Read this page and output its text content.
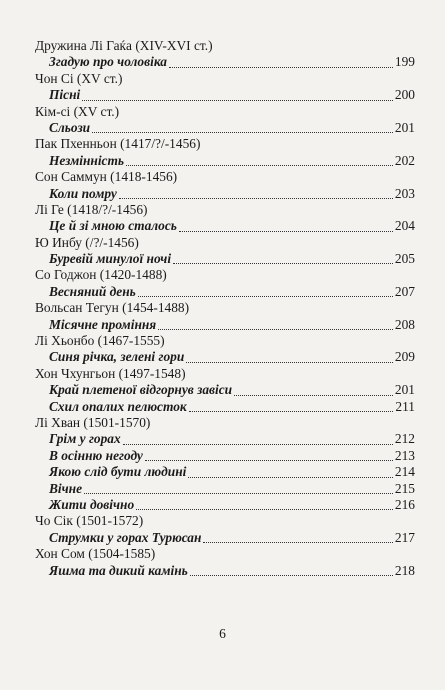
Дружина Лі Гаќа (XIV-XVI ст.)
Згадую про чоловіка	199
Чон Сі (XV ст.)
Пісні	200
Кім-сі (XV ст.)
Сльози	201
Пак Пхенньон (1417/?/-1456)
Незмінність	202
Сон Саммун (1418-1456)
Коли помру	203
Лі Ге (1418/?/-1456)
Це й зі мною сталось	204
Ю Инбу (/?/-1456)
Буревій минулої ночі	205
Со Годжон (1420-1488)
Весняний день	207
Вольсан Тегун (1454-1488)
Місячне проміння	208
Лі Хьонбо (1467-1555)
Синя річка, зелені гори	209
Хон Чхунгьон (1497-1548)
Край плетеної відгорнув завіси	201
Схил опалих пелюсток	211
Лі Хван (1501-1570)
Грім у горах	212
В осінню негоду	213
Якою слід бути людині	214
Вічне	215
Жити довічно	216
Чо Сік (1501-1572)
Струмки у горах Турюсан	217
Хон Сом (1504-1585)
Яшма та дикий камінь	218
6
